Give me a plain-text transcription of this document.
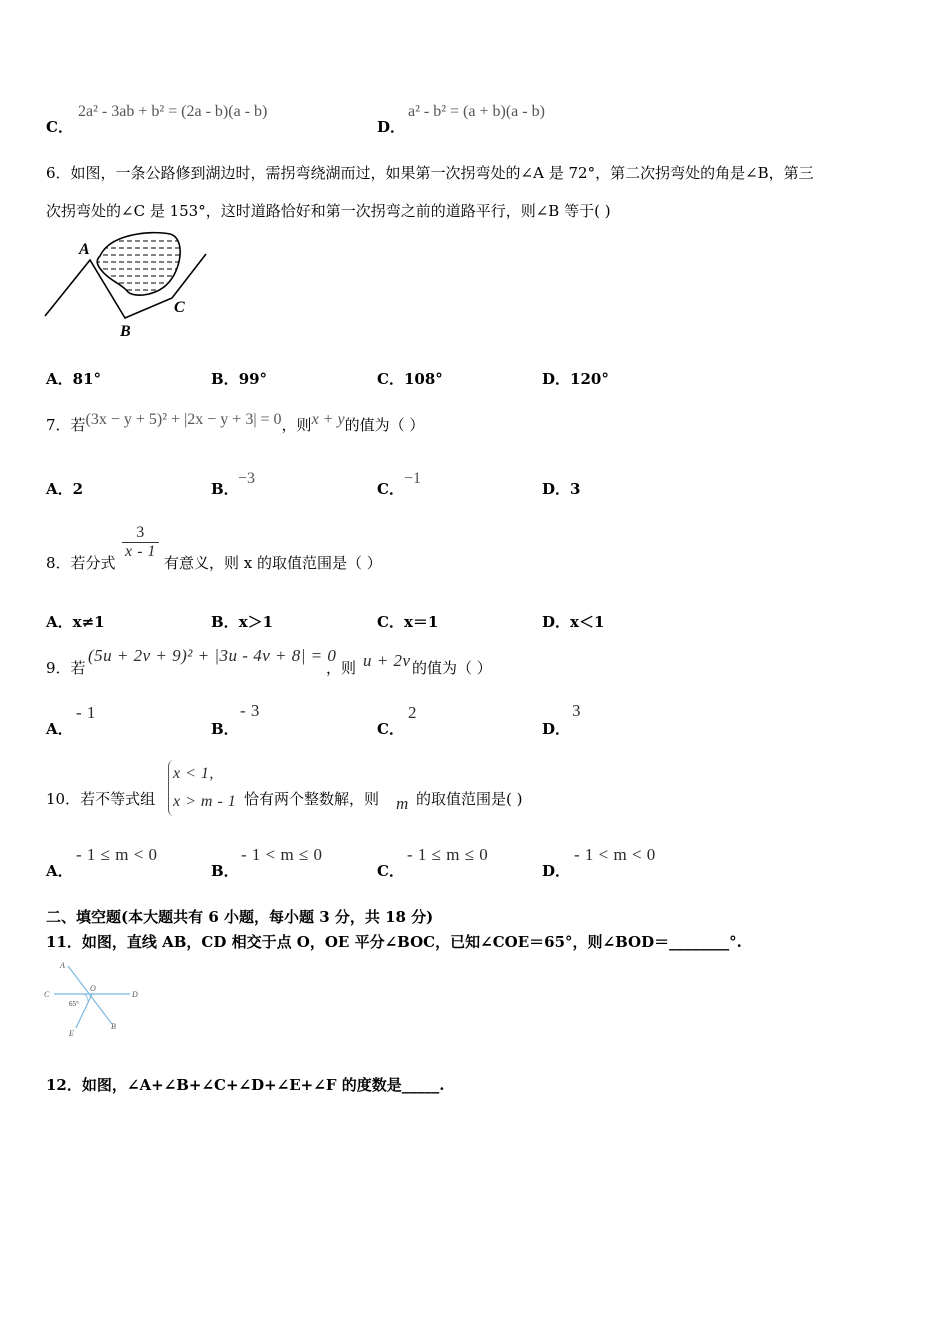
C．
2a² - 3ab + b² = (2a - b)(a - b)
D．
a² - b² = (a + b)(a - b)
6．如图，一条公路修到湖边时，需拐弯绕湖而过，如果第一次拐弯处的∠A 是 72°，第二次拐弯处的角是∠B，第三
次拐弯处的∠C 是 153°，这时道路恰好和第一次拐弯之前的道路平行，则∠B 等于( )
A
B
C
A．81°	B．99°	C．108°	D．120°
7．若(3x − y + 5)² + |2x − y + 3| = 0，则x + y的值为（ ）
A．2	B．
−3
C．
−1
D．3
8．若分式
$\frac{3}{x - 1}$
有意义，则 x 的取值范围是（ ）
A．x≠1	B．x＞1	C．x＝1	D．x＜1
9．若
(5u + 2v + 9)² + |3u - 4v + 8| = 0
，则 u + 2v 的值为（ ）
A．
- 1
B．
- 3
C．
2
D．
3
10．若不等式组
x < 1,
x > m - 1 恰有两个整数解，则 m 的取值范围是( )
A．
- 1 ≤ m < 0
B．
- 1 < m ≤ 0
C．
- 1 ≤ m ≤ 0
D．
- 1 < m < 0
二、填空题(本大题共有 6 小题，每小题 3 分，共 18 分)
11．如图，直线 AB，CD 相交于点 O，OE 平分∠BOC，已知∠COE＝65°，则∠BOD＝________°.
A
B
C	D
E
O
65°
12．如图，∠A+∠B+∠C+∠D+∠E+∠F 的度数是_____.
